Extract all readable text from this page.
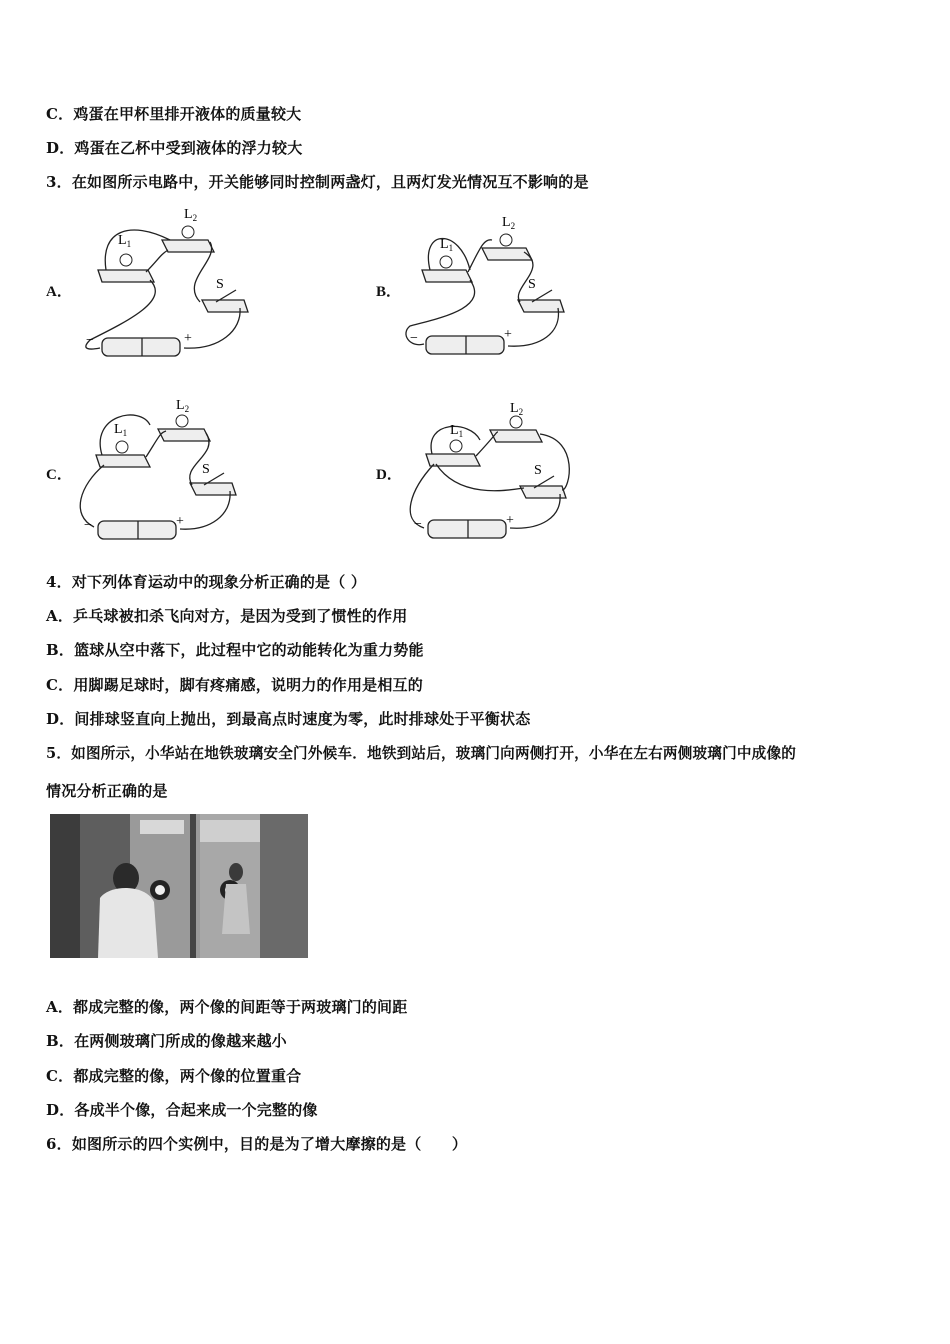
C．鸡蛋在甲杯里排开液体的质量较大
D．鸡蛋在乙杯中受到液体的浮力较大
3．在如图所示电路中，开关能够同时控制两盏灯，且两灯发光情况互不影响的是
A．	B．
C．	D．
$L_1$
$L_2$
S
−	+
$L_1$
$L_2$
S
−	+
$L_1$
$L_2$
S
−	+
$L_1$
$L_2$
S
−	+
4．对下列体育运动中的现象分析正确的是（ ）
A．乒乓球被扣杀飞向对方，是因为受到了惯性的作用
B．篮球从空中落下，此过程中它的动能转化为重力势能
C．用脚踢足球时，脚有疼痛感，说明力的作用是相互的
D．间排球竖直向上抛出，到最高点时速度为零，此时排球处于平衡状态
5．如图所示，小华站在地铁玻璃安全门外候车．地铁到站后，玻璃门向两侧打开，小华在左右两侧玻璃门中成像的
情况分析正确的是
A．都成完整的像，两个像的间距等于两玻璃门的间距
B．在两侧玻璃门所成的像越来越小
C．都成完整的像，两个像的位置重合
D．各成半个像，合起来成一个完整的像
6．如图所示的四个实例中，目的是为了增大摩擦的是（　　）
